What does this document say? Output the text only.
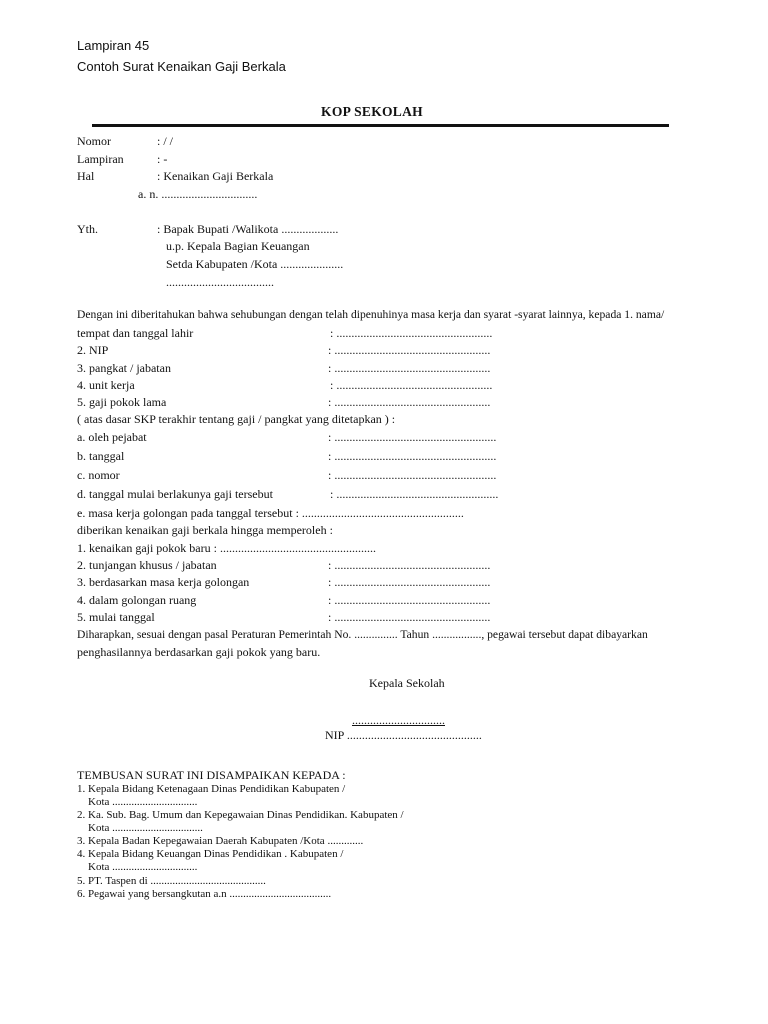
Lampiran 45
Contoh Surat Kenaikan Gaji Berkala
KOP SEKOLAH
Nomor	: / /
Lampiran	: -
Hal	: Kenaikan Gaji Berkala
a. n. ................................
Yth.	: Bapak Bupati /Walikota ...................
u.p. Kepala Bagian Keuangan
Setda Kabupaten /Kota .....................
....................................
Dengan ini diberitahukan bahwa sehubungan dengan telah dipenuhinya masa kerja dan syarat -syarat lainnya, kepada 1. nama/
tempat dan tanggal lahir	: ....................................................
2. NIP	: ....................................................
3. pangkat / jabatan	: ....................................................
4. unit kerja	: ....................................................
5. gaji pokok lama	: ....................................................
( atas dasar SKP terakhir tentang gaji / pangkat yang ditetapkan ) :
a. oleh pejabat	: ......................................................
b. tanggal	: ......................................................
c. nomor	: ......................................................
d. tanggal mulai berlakunya gaji tersebut	: ......................................................
e. masa kerja golongan pada tanggal tersebut : ......................................................
diberikan kenaikan gaji berkala hingga memperoleh :
1. kenaikan gaji pokok baru : ....................................................
2. tunjangan khusus / jabatan	: ....................................................
3. berdasarkan masa kerja golongan	: ....................................................
4. dalam golongan ruang	: ....................................................
5. mulai tanggal	: ....................................................
Diharapkan, sesuai dengan pasal Peraturan Pemerintah No. ............... Tahun ................., pegawai tersebut dapat dibayarkan
penghasilannya berdasarkan gaji pokok yang baru.
Kepala Sekolah
...............................
NIP .............................................
TEMBUSAN SURAT INI DISAMPAIKAN KEPADA :
1. Kepala Bidang Ketenagaan Dinas Pendidikan Kabupaten /
Kota ...............................
2. Ka. Sub. Bag. Umum dan Kepegawaian Dinas Pendidikan. Kabupaten /
Kota .................................
3. Kepala Badan Kepegawaian Daerah Kabupaten /Kota .............
4. Kepala Bidang Keuangan Dinas Pendidikan . Kabupaten /
Kota ...............................
5. PT. Taspen di ..........................................
6. Pegawai yang bersangkutan a.n .....................................
